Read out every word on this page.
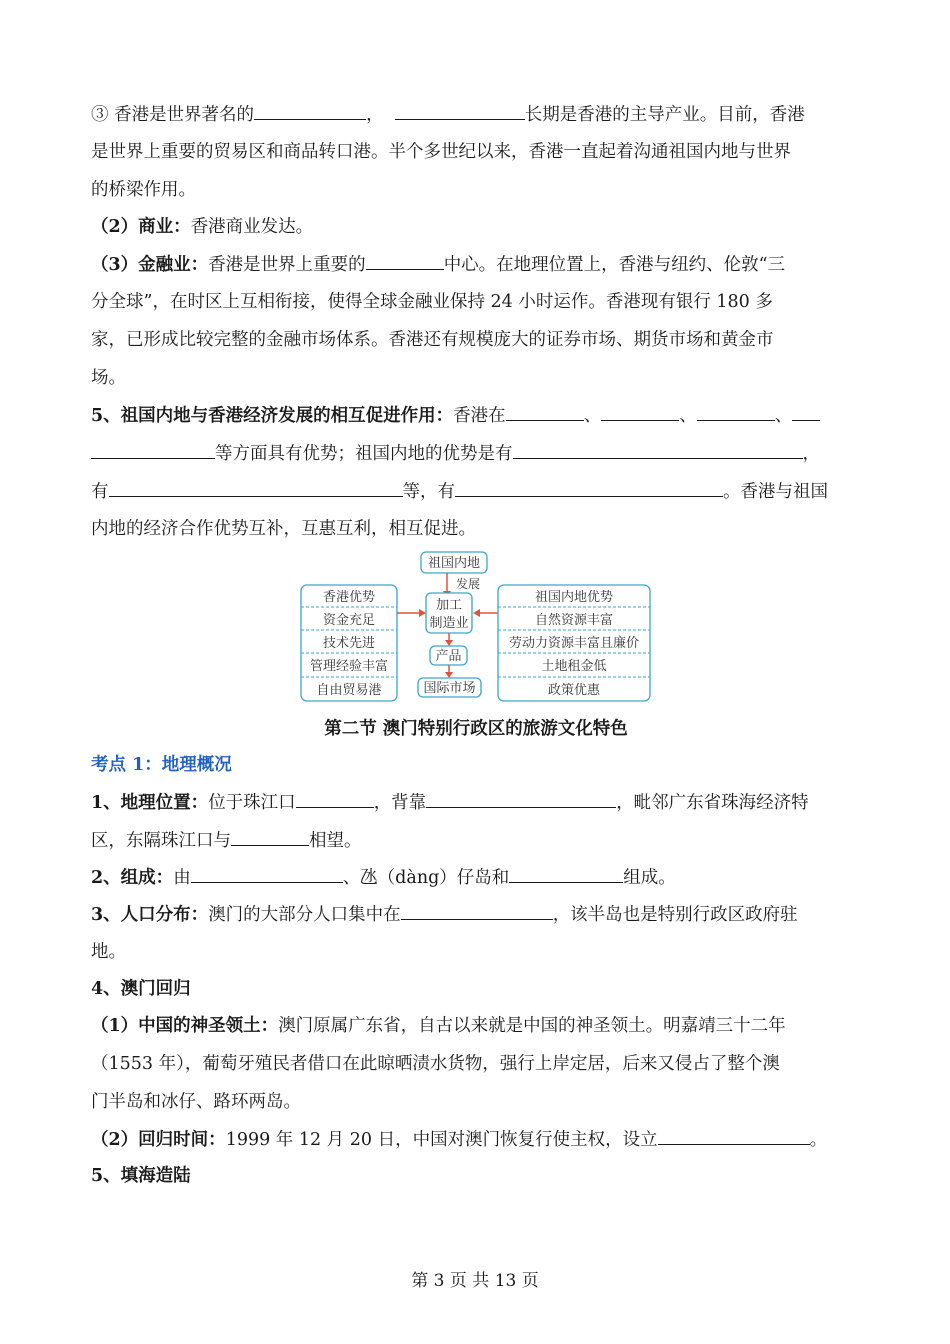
③ 香港是世界著名的	，	长期是香港的主导产业。目前，香港
是世界上重要的贸易区和商品转口港。半个多世纪以来，香港一直起着沟通祖国内地与世界
的桥梁作用。
（2）商业：香港商业发达。
（3）金融业：香港是世界上重要的	中心。在地理位置上，香港与纽约、伦敦“三
分全球”，在时区上互相衔接，使得全球金融业保持 24 小时运作。香港现有银行 180 多
家，已形成比较完整的金融市场体系。香港还有规模庞大的证券市场、期货市场和黄金市
场。
5、祖国内地与香港经济发展的相互促进作用：香港在	、	、	、
等方面具有优势；祖国内地的优势是有	，
有	等，有	。香港与祖国
内地的经济合作优势互补，互惠互利，相互促进。
祖国内地
发展
加工
制造业
产品
国际市场
香港优势
资金充足
技术先进
管理经验丰富
自由贸易港
祖国内地优势
自然资源丰富
劳动力资源丰富且廉价
土地租金低
政策优惠
第二节 澳门特别行政区的旅游文化特色
考点 1：地理概况
1、地理位置：位于珠江口	，背靠	，毗邻广东省珠海经济特
区，东隔珠江口与	相望。
2、组成：由	、氹（dàng）仔岛和	组成。
3、人口分布：澳门的大部分人口集中在	，该半岛也是特别行政区政府驻
地。
4、澳门回归
（1）中国的神圣领土：澳门原属广东省，自古以来就是中国的神圣领土。明嘉靖三十二年
（1553 年），葡萄牙殖民者借口在此晾晒渍水货物，强行上岸定居，后来又侵占了整个澳
门半岛和冰仔、路环两岛。
（2）回归时间：1999 年 12 月 20 日，中国对澳门恢复行使主权，设立	。
5、填海造陆
第 3 页 共 13 页
